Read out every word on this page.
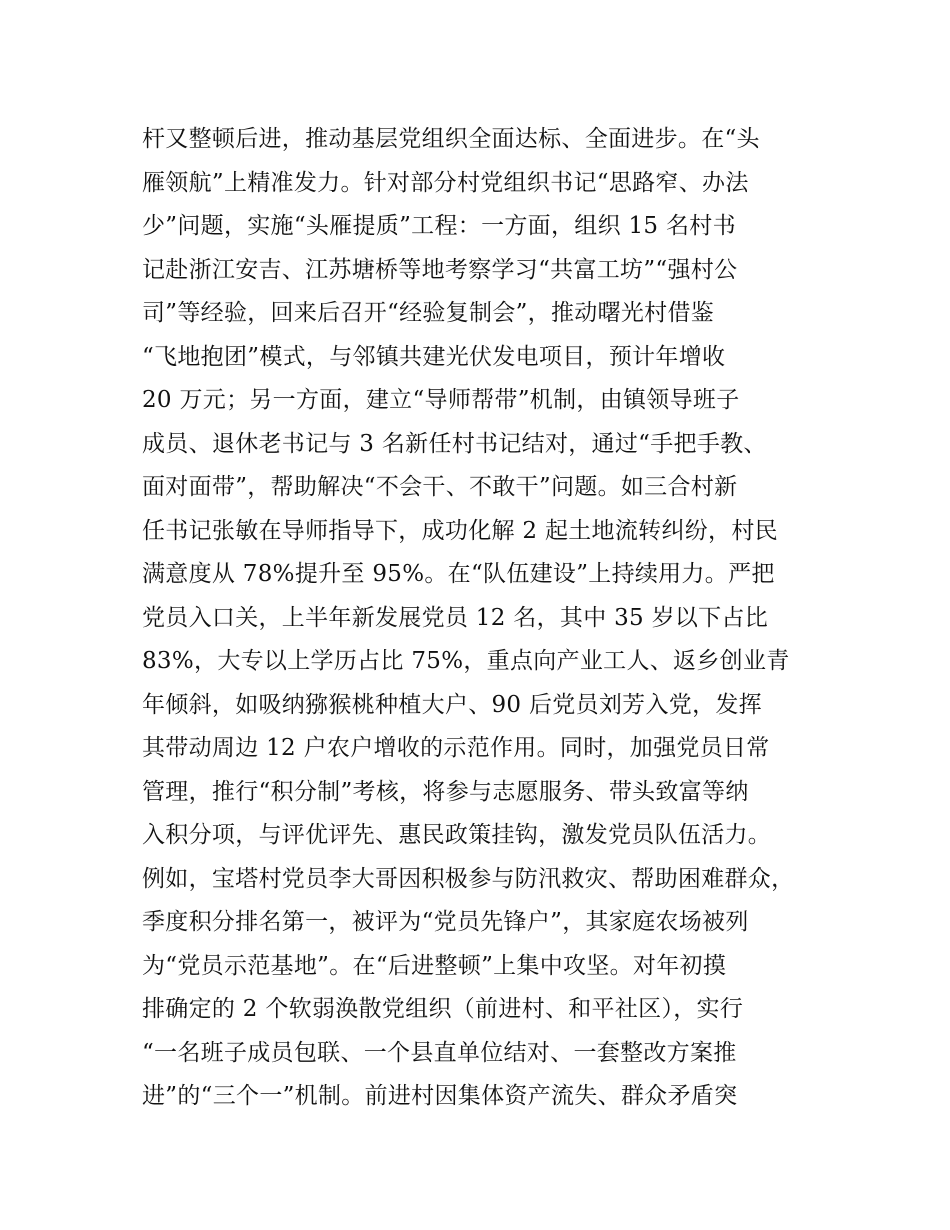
杆又整顿后进，推动基层党组织全面达标、全面进步。在“头
雁领航”上精准发力。针对部分村党组织书记“思路窄、办法
少”问题，实施“头雁提质”工程：一方面，组织 15 名村书
记赴浙江安吉、江苏塘桥等地考察学习“共富工坊”“强村公
司”等经验，回来后召开“经验复制会”，推动曙光村借鉴
“飞地抱团”模式，与邻镇共建光伏发电项目，预计年增收
20 万元；另一方面，建立“导师帮带”机制，由镇领导班子
成员、退休老书记与 3 名新任村书记结对，通过“手把手教、
面对面带”，帮助解决“不会干、不敢干”问题。如三合村新
任书记张敏在导师指导下，成功化解 2 起土地流转纠纷，村民
满意度从 78%提升至 95%。在“队伍建设”上持续用力。严把
党员入口关，上半年新发展党员 12 名，其中 35 岁以下占比
83%，大专以上学历占比 75%，重点向产业工人、返乡创业青
年倾斜，如吸纳猕猴桃种植大户、90 后党员刘芳入党，发挥
其带动周边 12 户农户增收的示范作用。同时，加强党员日常
管理，推行“积分制”考核，将参与志愿服务、带头致富等纳
入积分项，与评优评先、惠民政策挂钩，激发党员队伍活力。
例如，宝塔村党员李大哥因积极参与防汛救灾、帮助困难群众，
季度积分排名第一，被评为“党员先锋户”，其家庭农场被列
为“党员示范基地”。在“后进整顿”上集中攻坚。对年初摸
排确定的 2 个软弱涣散党组织（前进村、和平社区），实行
“一名班子成员包联、一个县直单位结对、一套整改方案推
进”的“三个一”机制。前进村因集体资产流失、群众矛盾突
